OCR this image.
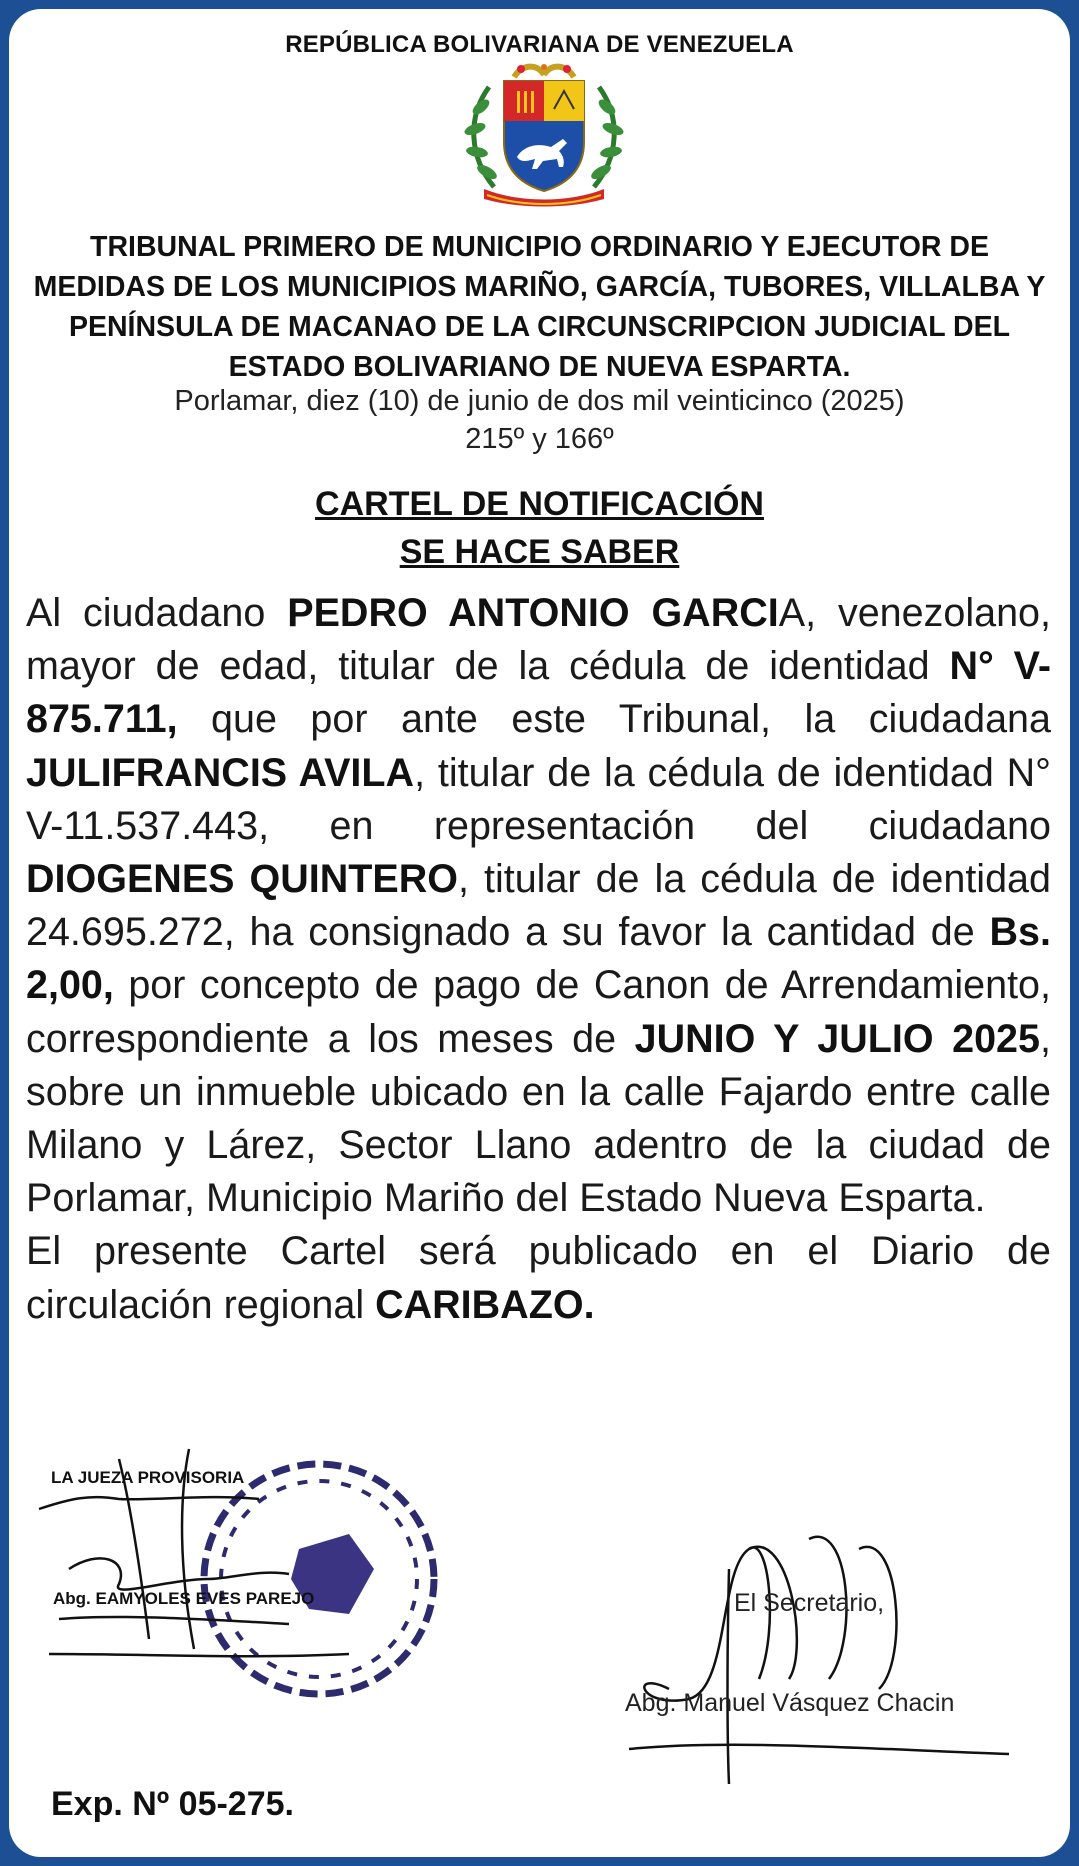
REPÚBLICA BOLIVARIANA DE VENEZUELA
TRIBUNAL PRIMERO DE MUNICIPIO ORDINARIO Y EJECUTOR DE MEDIDAS DE LOS MUNICIPIOS MARIÑO, GARCÍA, TUBORES, VILLALBA Y PENÍNSULA DE MACANAO DE LA CIRCUNSCRIPCION JUDICIAL DEL ESTADO BOLIVARIANO DE NUEVA ESPARTA.
Porlamar, diez (10) de junio de dos mil veinticinco (2025)
215º y 166º
CARTEL DE NOTIFICACIÓN
SE HACE SABER
Al ciudadano PEDRO ANTONIO GARCIA, venezolano, mayor de edad, titular de la cédula de identidad N° V-875.711, que por ante este Tribunal, la ciudadana JULIFRANCIS AVILA, titular de la cédula de identidad N° V-11.537.443, en representación del ciudadano DIOGENES QUINTERO, titular de la cédula de identidad 24.695.272, ha consignado a su favor la cantidad de Bs. 2,00, por concepto de pago de Canon de Arrendamiento, correspondiente a los meses de JUNIO Y JULIO 2025, sobre un inmueble ubicado en la calle Fajardo entre calle Milano y Lárez, Sector Llano adentro de la ciudad de Porlamar, Municipio Mariño del Estado Nueva Esparta.
El presente Cartel será publicado en el Diario de circulación regional CARIBAZO.
LA JUEZA PROVISORIA
Abg. EAMYOLES EVES PAREJO	El Secretario,
Abg. Manuel Vásquez Chacin
Exp. Nº 05-275.
